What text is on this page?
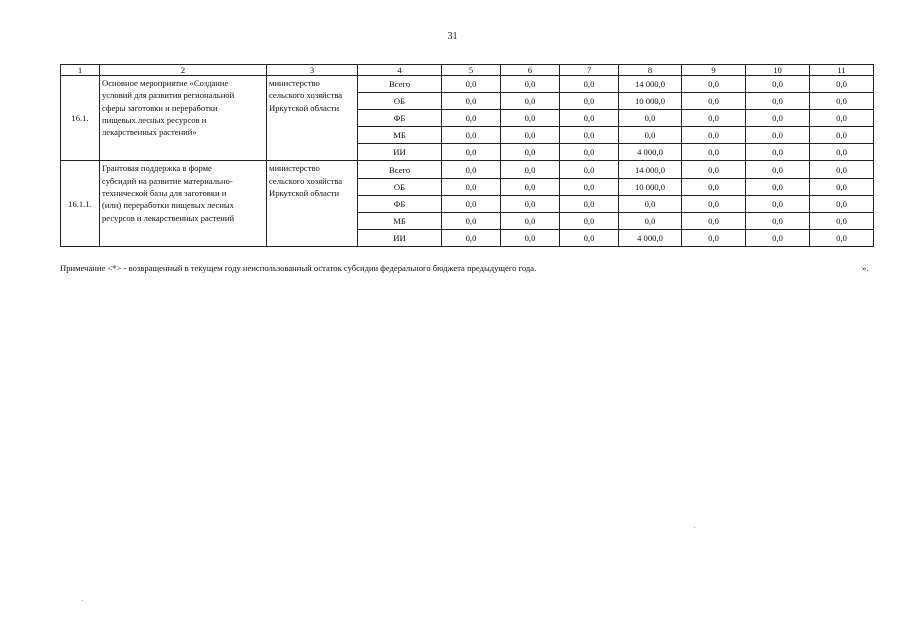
31
1	2	3	4	5	6	7	8	9	10	11
16.1.	Основное мероприятие «Создание
условий для развития региональной
сферы заготовки и переработки
пищевых лесных ресурсов и
лекарственных растений»	министерство
сельского хозяйства
Иркутской области	Всего	0,0	0,0	0,0	14 000,0	0,0	0,0	0,0
			ОБ	0,0	0,0	0,0	10 000,0	0,0	0,0	0,0
			ФБ	0,0	0,0	0,0	0,0	0,0	0,0	0,0
			МБ	0,0	0,0	0,0	0,0	0,0	0,0	0,0
			ИИ	0,0	0,0	0,0	4 000,0	0,0	0,0	0,0
16.1.1.	Грантовая поддержка в форме
субсидий на развитие материально-
технической базы для заготовки и
(или) переработки пищевых лесных
ресурсов и лекарственных растений	министерство
сельского хозяйства
Иркутской области	Всего	0,0	0,0	0,0	14 000,0	0,0	0,0	0,0
			ОБ	0,0	0,0	0,0	10 000,0	0,0	0,0	0,0
			ФБ	0,0	0,0	0,0	0,0	0,0	0,0	0,0
			МБ	0,0	0,0	0,0	0,0	0,0	0,0	0,0
			ИИ	0,0	0,0	0,0	4 000,0	0,0	0,0	0,0
Примечание <*> - возвращенный в текущем году неиспользованный остаток субсидии федерального бюджета предыдущего года.	».
